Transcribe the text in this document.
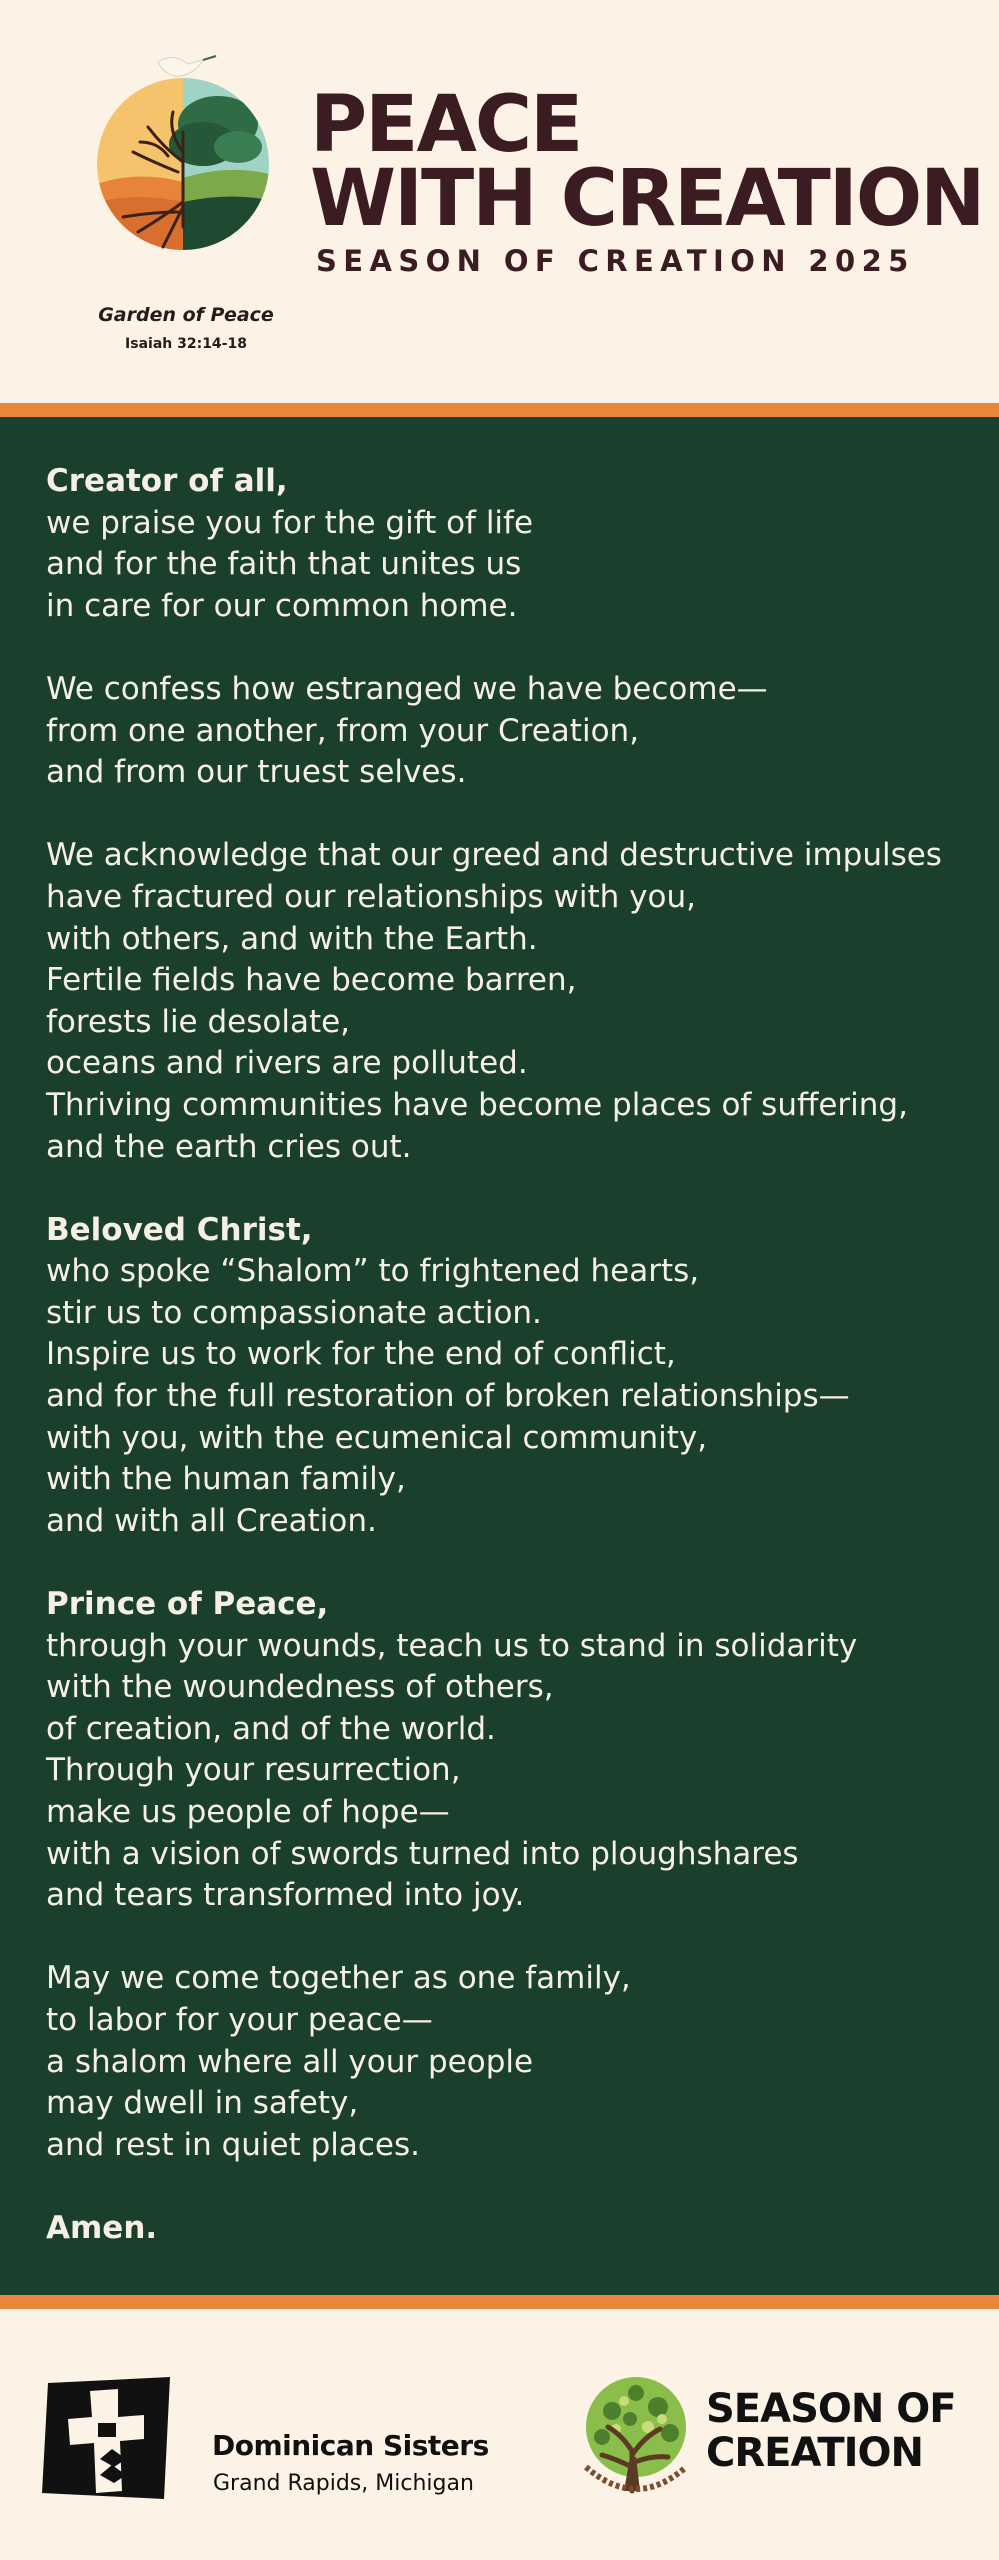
Garden of Peace
Isaiah 32:14-18
PEACE
WITH CREATION
SEASON OF CREATION 2025
Creator of all,
we praise you for the gift of life
and for the faith that unites us
in care for our common home.
We confess how estranged we have become—
from one another, from your Creation,
and from our truest selves.
We acknowledge that our greed and destructive impulses
have fractured our relationships with you,
with others, and with the Earth.
Fertile fields have become barren,
forests lie desolate,
oceans and rivers are polluted.
Thriving communities have become places of suffering,
and the earth cries out.
Beloved Christ,
who spoke “Shalom” to frightened hearts,
stir us to compassionate action.
Inspire us to work for the end of conflict,
and for the full restoration of broken relationships—
with you, with the ecumenical community,
with the human family,
and with all Creation.
Prince of Peace,
through your wounds, teach us to stand in solidarity
with the woundedness of others,
of creation, and of the world.
Through your resurrection,
make us people of hope—
with a vision of swords turned into ploughshares
and tears transformed into joy.
May we come together as one family,
to labor for your peace—
a shalom where all your people
may dwell in safety,
and rest in quiet places.
Amen.
Dominican Sisters
Grand Rapids, Michigan
SEASON OF
CREATION
